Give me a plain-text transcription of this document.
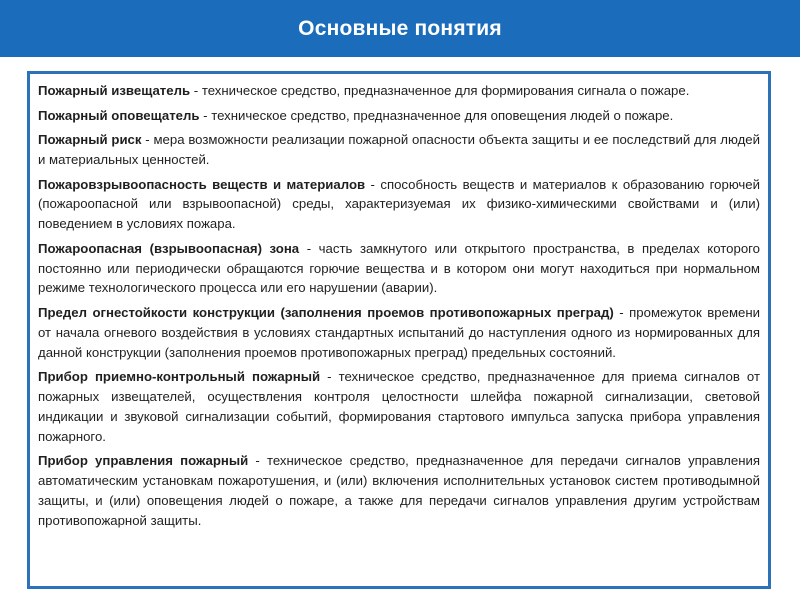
Основные понятия
Пожарный извещатель - техническое средство, предназначенное для формирования сигнала о пожаре.
Пожарный оповещатель - техническое средство, предназначенное для оповещения людей о пожаре.
Пожарный риск - мера возможности реализации пожарной опасности объекта защиты и ее последствий для людей и материальных ценностей.
Пожаровзрывоопасность веществ и материалов - способность веществ и материалов к образованию горючей (пожароопасной или взрывоопасной) среды, характеризуемая их физико-химическими свойствами и (или) поведением в условиях пожара.
Пожароопасная (взрывоопасная) зона - часть замкнутого или открытого пространства, в пределах которого постоянно или периодически обращаются горючие вещества и в котором они могут находиться при нормальном режиме технологического процесса или его нарушении (аварии).
Предел огнестойкости конструкции (заполнения проемов противопожарных преград) - промежуток времени от начала огневого воздействия в условиях стандартных испытаний до наступления одного из нормированных для данной конструкции (заполнения проемов противопожарных преград) предельных состояний.
Прибор приемно-контрольный пожарный - техническое средство, предназначенное для приема сигналов от пожарных извещателей, осуществления контроля целостности шлейфа пожарной сигнализации, световой индикации и звуковой сигнализации событий, формирования стартового импульса запуска прибора управления пожарного.
Прибор управления пожарный - техническое средство, предназначенное для передачи сигналов управления автоматическим установкам пожаротушения, и (или) включения исполнительных установок систем противодымной защиты, и (или) оповещения людей о пожаре, а также для передачи сигналов управления другим устройствам противопожарной защиты.
